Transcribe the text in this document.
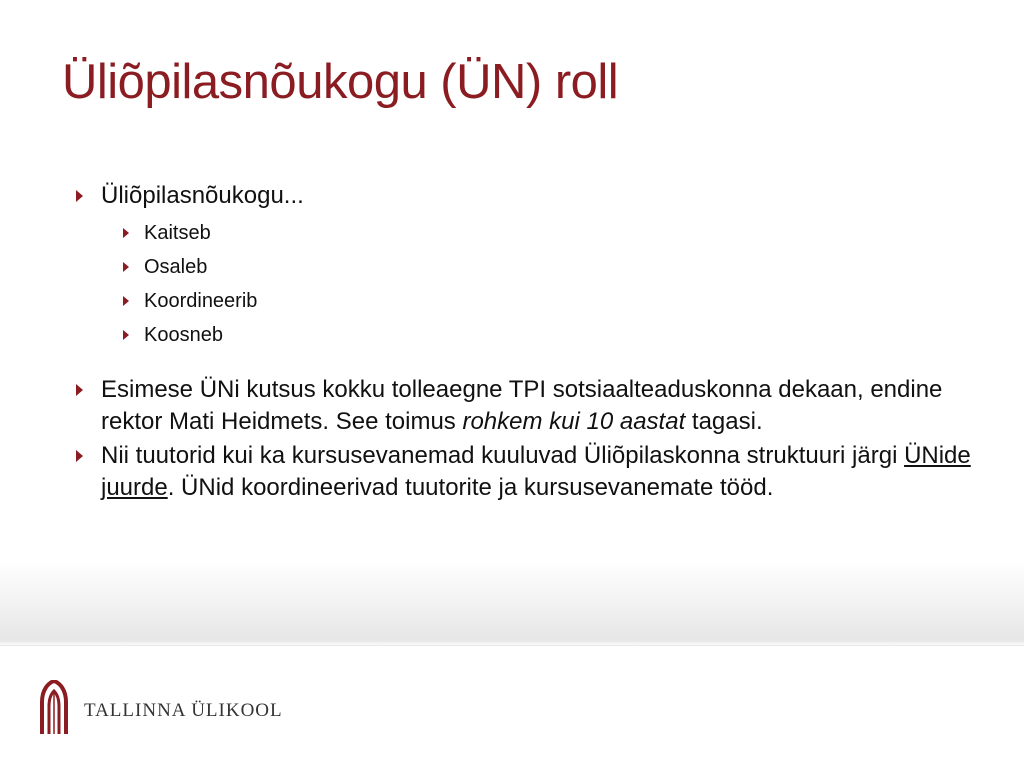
Üliõpilasnõukogu (ÜN) roll
Üliõpilasnõukogu...
Kaitseb
Osaleb
Koordineerib
Koosneb
Esimese ÜNi kutsus kokku tolleaegne TPI sotsiaalteaduskonna dekaan, endine rektor Mati Heidmets. See toimus rohkem kui 10 aastat tagasi.
Nii tuutorid kui ka kursusevanemad kuuluvad Üliõpilaskonna struktuuri järgi ÜNide juurde. ÜNid koordineerivad tuutorite ja kursusevanemate tööd.
TALLINNA ÜLIKOOL
